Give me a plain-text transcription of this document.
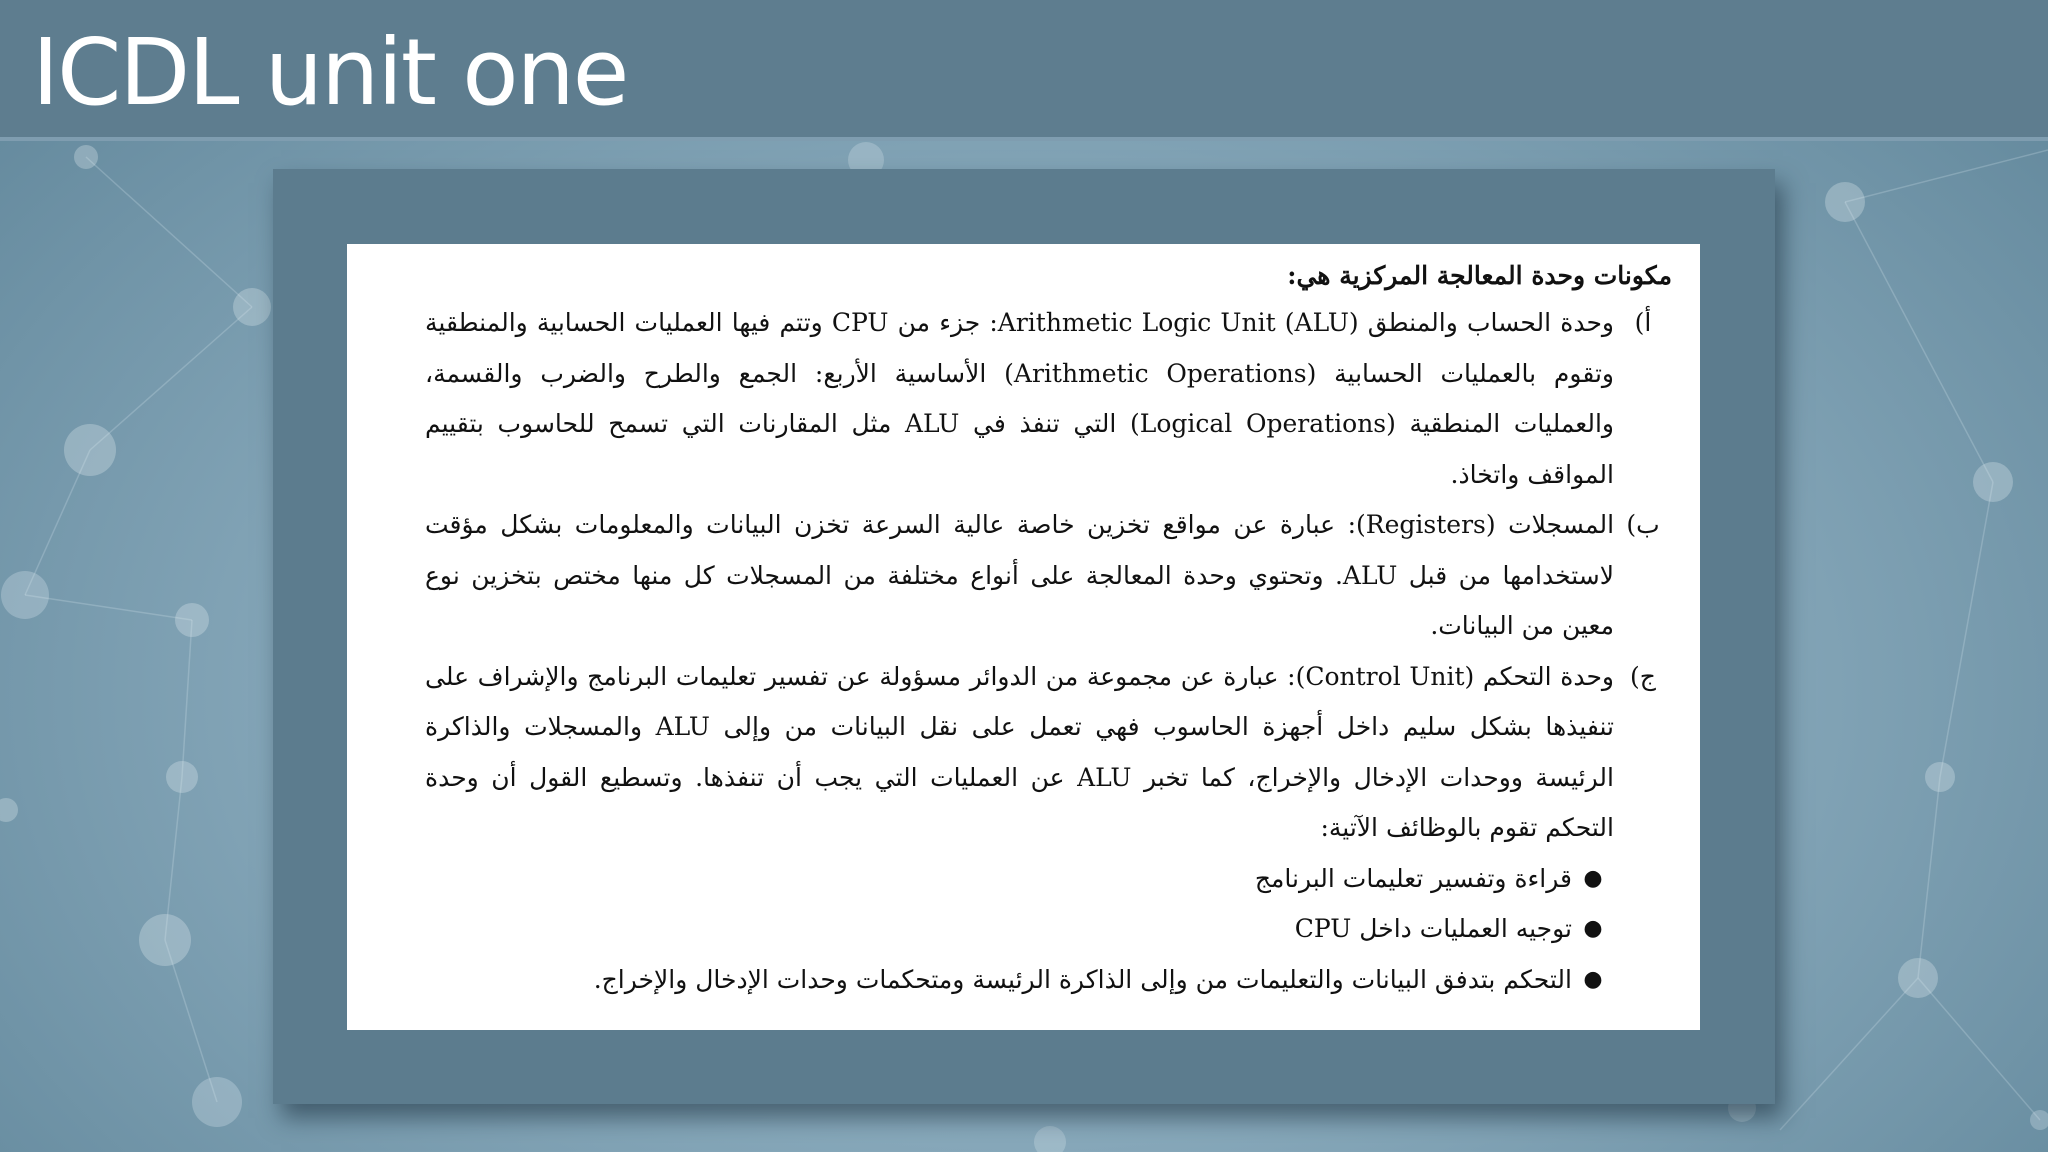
ICDL unit one

مكونات وحدة المعالجة المركزية هي:

أ)

وحدة الحساب والمنطق Arithmetic Logic Unit (ALU): جزء من CPU وتتم فيها العمليات الحسابية والمنطقية وتقوم بالعمليات الحسابية (Arithmetic Operations) الأساسية الأربع: الجمع والطرح والضرب والقسمة، والعمليات المنطقية (Logical Operations) التي تنفذ في ALU مثل المقارنات التي تسمح للحاسوب بتقييم المواقف واتخاذ.

ب)

المسجلات (Registers): عبارة عن مواقع تخزين خاصة عالية السرعة تخزن البيانات والمعلومات بشكل مؤقت لاستخدامها من قبل ALU. وتحتوي وحدة المعالجة على أنواع مختلفة من المسجلات كل منها مختص بتخزين نوع معين من البيانات.

ج)

وحدة التحكم (Control Unit): عبارة عن مجموعة من الدوائر مسؤولة عن تفسير تعليمات البرنامج والإشراف على تنفيذها بشكل سليم داخل أجهزة الحاسوب فهي تعمل على نقل البيانات من وإلى ALU والمسجلات والذاكرة الرئيسة ووحدات الإدخال والإخراج، كما تخبر ALU عن العمليات التي يجب أن تنفذها. وتسطيع القول أن وحدة التحكم تقوم بالوظائف الآتية:

●
قراءة وتفسير تعليمات البرنامج
●
توجيه العمليات داخل CPU
●
التحكم بتدفق البيانات والتعليمات من وإلى الذاكرة الرئيسة ومتحكمات وحدات الإدخال والإخراج.
